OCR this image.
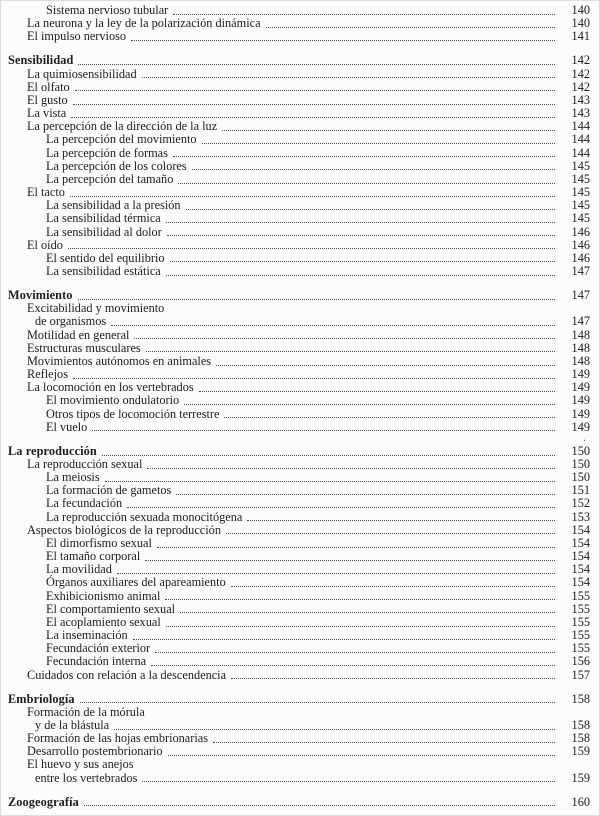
Sistema nervioso tubular	140
La neurona y la ley de la polarización dinámica	140
El impulso nervioso	141
Sensibilidad	142
La quimiosensibilidad	142
El olfato	142
El gusto	143
La vista	143
La percepción de la dirección de la luz	144
La percepción del movimiento	144
La percepción de formas	144
La percepción de los colores	145
La percepción del tamaño	145
El tacto	145
La sensibilidad a la presión	145
La sensibilidad térmica	145
La sensibilidad al dolor	146
El oído	146
El sentido del equilibrio	146
La sensibilidad estática	147
Movimiento	147
Excitabilidad y movimiento
de organismos	147
Motilidad en general	148
Estructuras musculares	148
Movimientos autónomos en animales	148
Reflejos	149
La locomoción en los vertebrados	149
El movimiento ondulatorio	149
Otros tipos de locomoción terrestre	149
El vuelo	149
La reproducción	150
La reproducción sexual	150
La meiosis	150
La formación de gametos	151
La fecundación	152
La reproducción sexuada monocitógena	153
Aspectos biológicos de la reproducción	154
El dimorfismo sexual	154
El tamaño corporal	154
La movilidad	154
Órganos auxiliares del apareamiento	154
Exhibicionismo animal	155
El comportamiento sexual	155
El acoplamiento sexual	155
La inseminación	155
Fecundación exterior	155
Fecundación interna	156
Cuidados con relación a la descendencia	157
Embriología	158
Formación de la mórula
y de la blástula	158
Formación de las hojas embrionarias	158
Desarrollo postembrionario	159
El huevo y sus anejos
entre los vertebrados	159
Zoogeografía	160
.
